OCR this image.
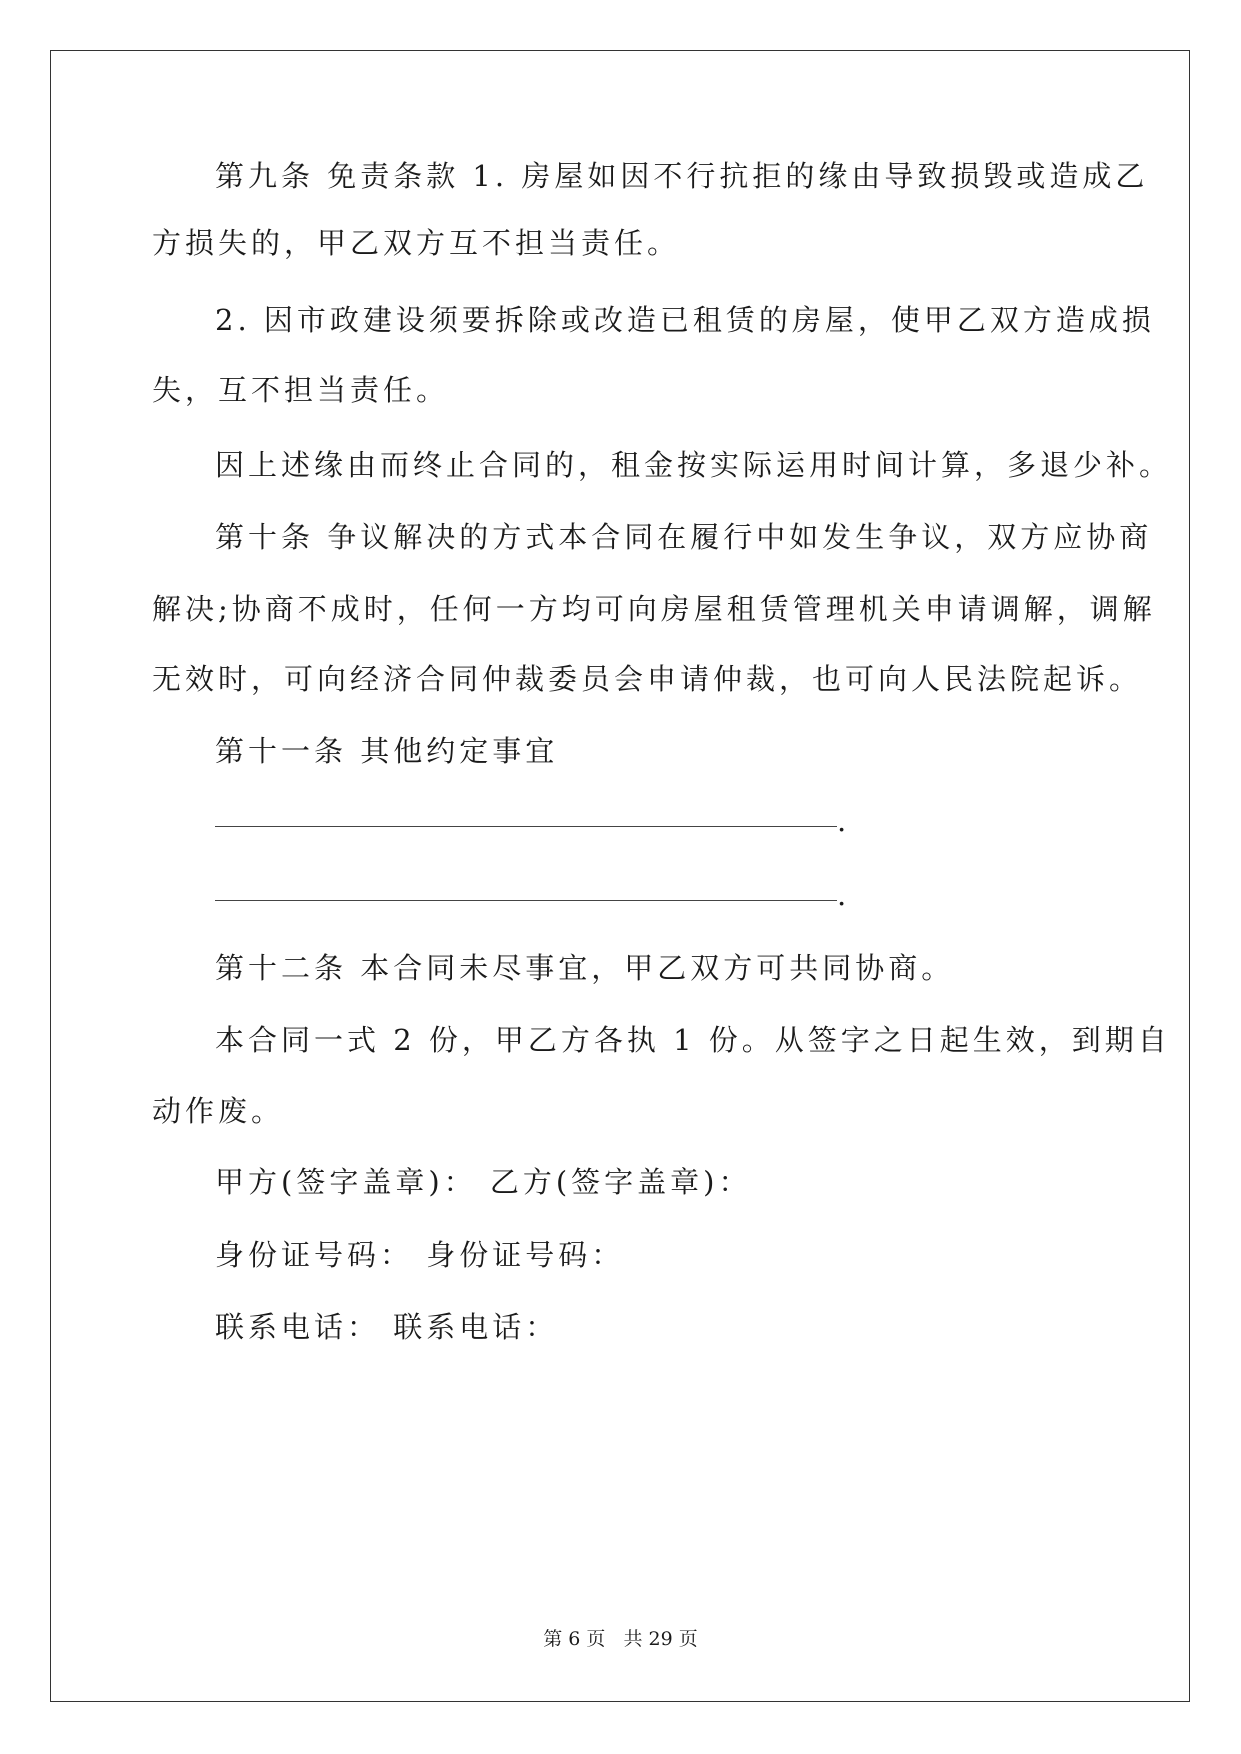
第九条 免责条款 1. 房屋如因不行抗拒的缘由导致损毁或造成乙
方损失的，甲乙双方互不担当责任。
2. 因市政建设须要拆除或改造已租赁的房屋，使甲乙双方造成损
失，互不担当责任。
因上述缘由而终止合同的，租金按实际运用时间计算，多退少补。
第十条 争议解决的方式本合同在履行中如发生争议，双方应协商
解决;协商不成时，任何一方均可向房屋租赁管理机关申请调解，调解
无效时，可向经济合同仲裁委员会申请仲裁，也可向人民法院起诉。
第十一条 其他约定事宜
.
.
第十二条 本合同未尽事宜，甲乙双方可共同协商。
本合同一式 2 份，甲乙方各执 1 份。从签字之日起生效，到期自
动作废。
甲方(签字盖章)： 乙方(签字盖章)：
身份证号码： 身份证号码：
联系电话： 联系电话：
第 6 页   共 29 页
